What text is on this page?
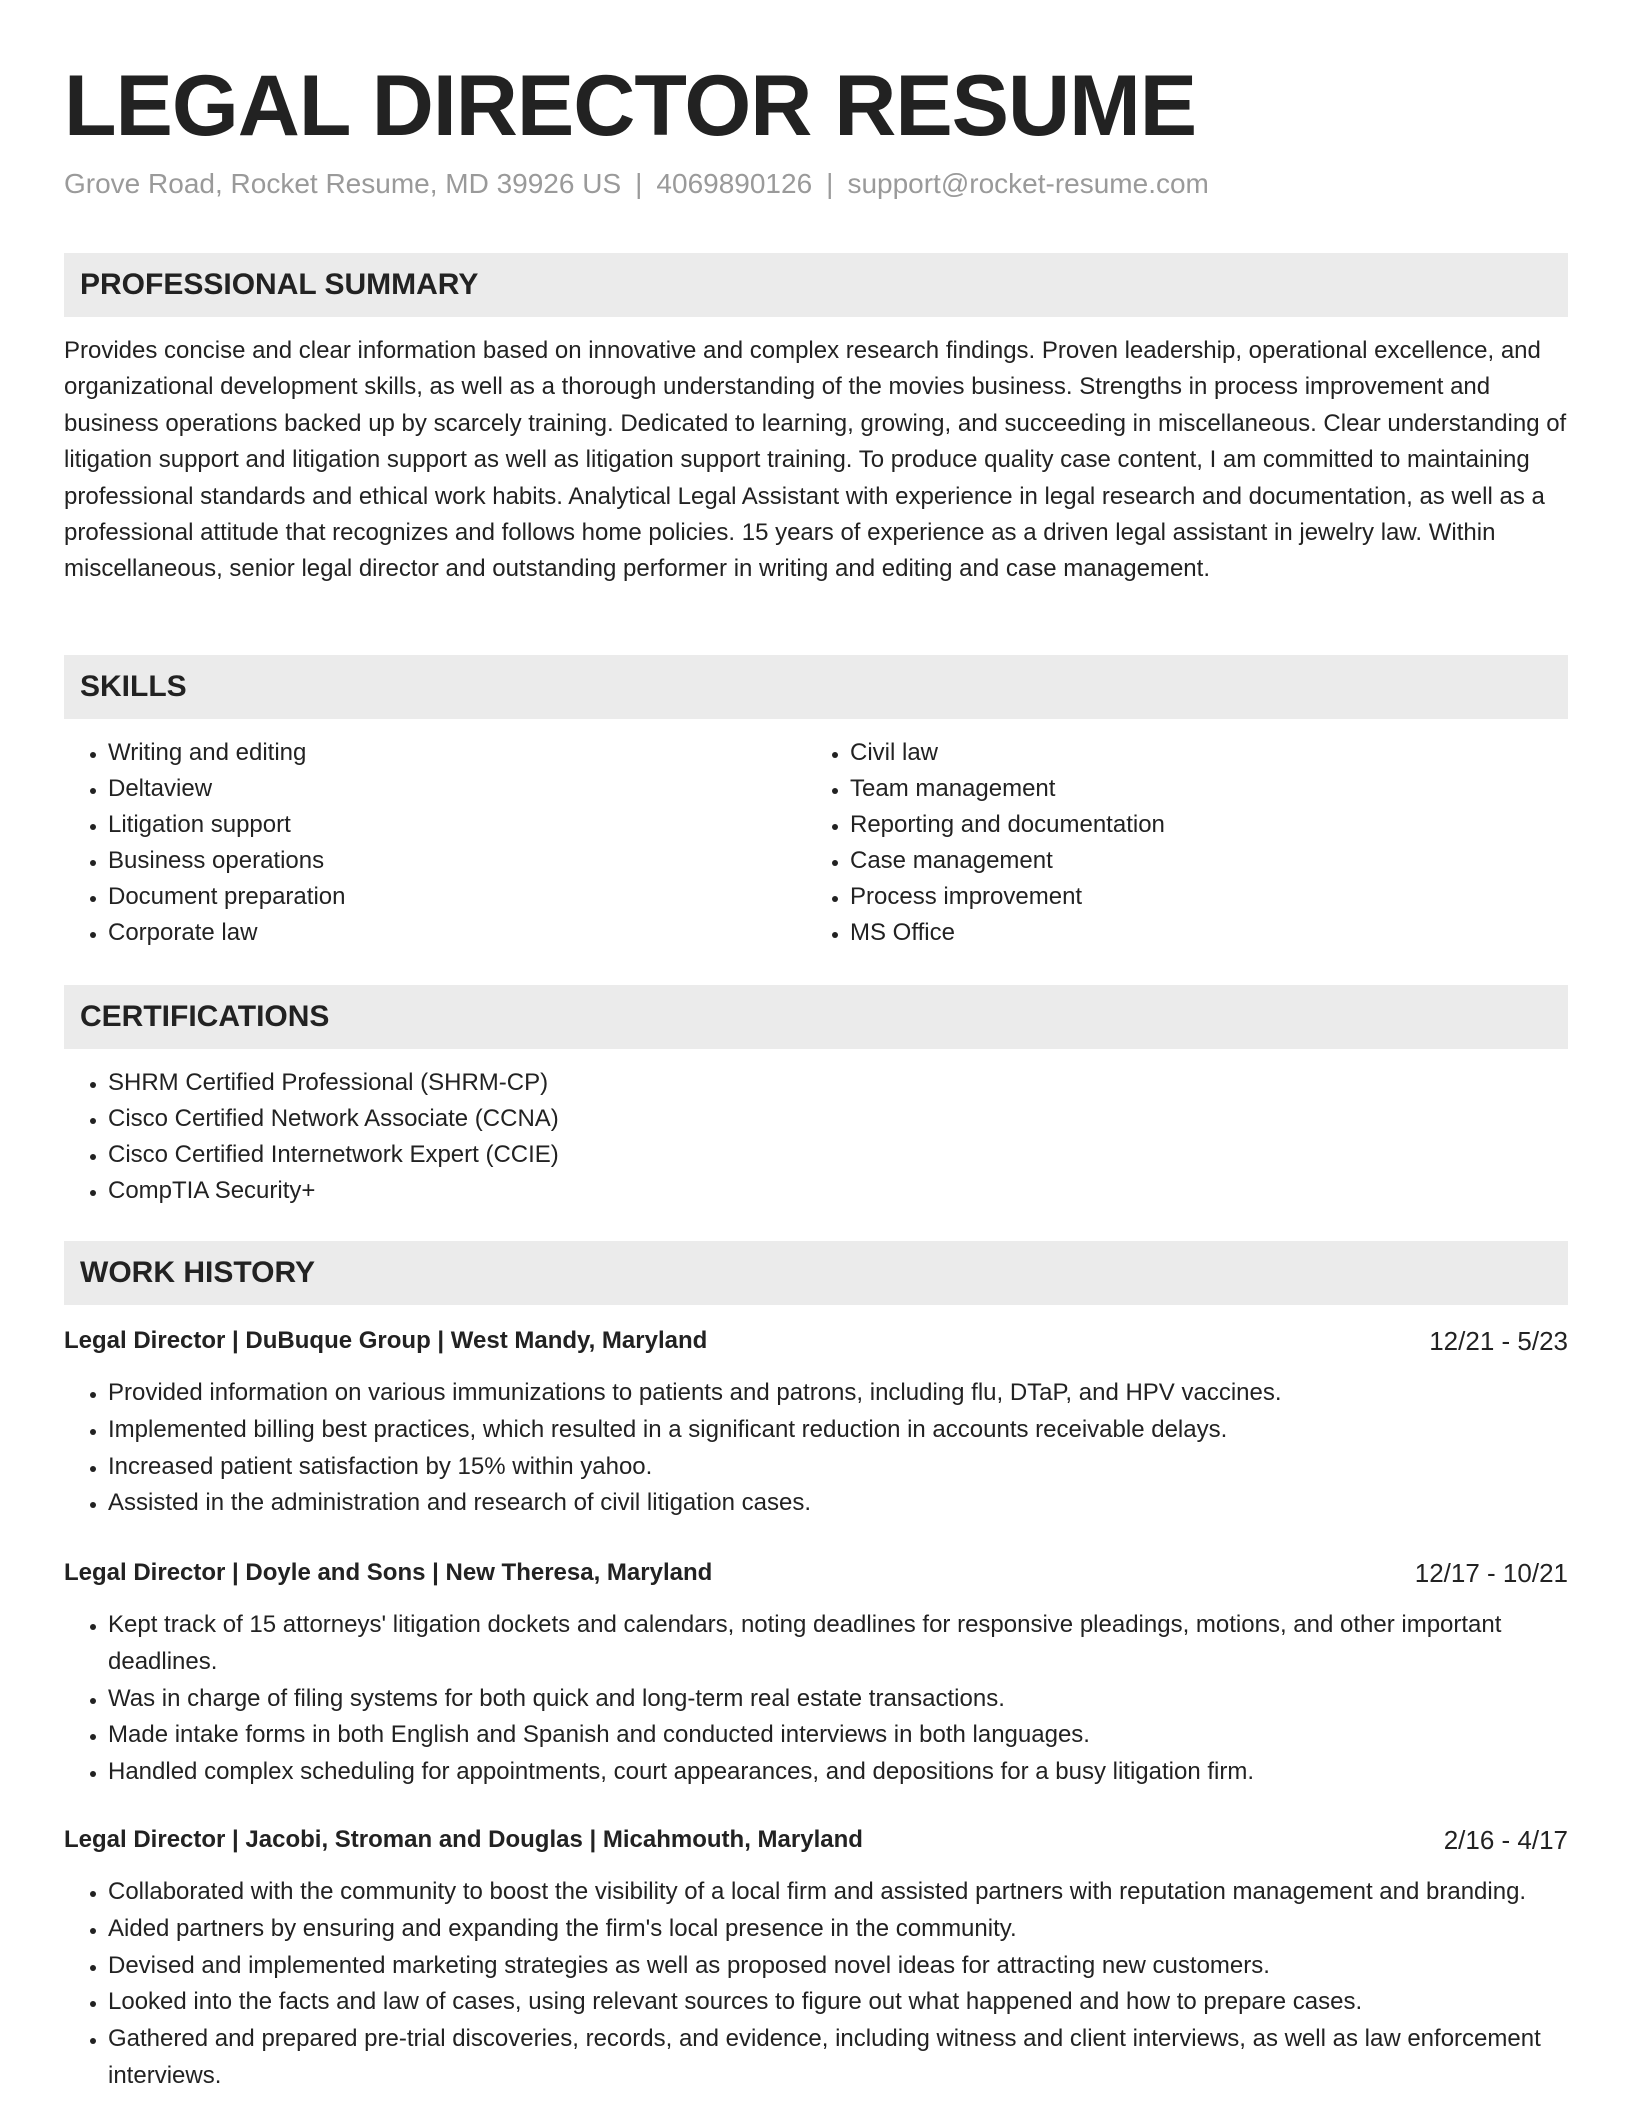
LEGAL DIRECTOR RESUME
Grove Road, Rocket Resume, MD 39926 US | 4069890126 | support@rocket-resume.com
PROFESSIONAL SUMMARY

Provides concise and clear information based on innovative and complex research findings. Proven leadership, operational excellence, and organizational development skills, as well as a thorough understanding of the movies business. Strengths in process improvement and business operations backed up by scarcely training. Dedicated to learning, growing, and succeeding in miscellaneous. Clear understanding of litigation support and litigation support as well as litigation support training. To produce quality case content, I am committed to maintaining professional standards and ethical work habits. Analytical Legal Assistant with experience in legal research and documentation, as well as a professional attitude that recognizes and follows home policies. 15 years of experience as a driven legal assistant in jewelry law. Within miscellaneous, senior legal director and outstanding performer in writing and editing and case management.

SKILLS
• Writing and editing
• Deltaview
• Litigation support
• Business operations
• Document preparation
• Corporate law
• Civil law
• Team management
• Reporting and documentation
• Case management
• Process improvement
• MS Office
CERTIFICATIONS
• SHRM Certified Professional (SHRM-CP)
• Cisco Certified Network Associate (CCNA)
• Cisco Certified Internetwork Expert (CCIE)
• CompTIA Security+
WORK HISTORY
Legal Director | DuBuque Group | West Mandy, Maryland	12/21 - 5/23
• Provided information on various immunizations to patients and patrons, including flu, DTaP, and HPV vaccines.
• Implemented billing best practices, which resulted in a significant reduction in accounts receivable delays.
• Increased patient satisfaction by 15% within yahoo.
• Assisted in the administration and research of civil litigation cases.
Legal Director | Doyle and Sons | New Theresa, Maryland	12/17 - 10/21
• Kept track of 15 attorneys' litigation dockets and calendars, noting deadlines for responsive pleadings, motions, and other important deadlines.
• Was in charge of filing systems for both quick and long-term real estate transactions.
• Made intake forms in both English and Spanish and conducted interviews in both languages.
• Handled complex scheduling for appointments, court appearances, and depositions for a busy litigation firm.
Legal Director | Jacobi, Stroman and Douglas | Micahmouth, Maryland	2/16 - 4/17
• Collaborated with the community to boost the visibility of a local firm and assisted partners with reputation management and branding.
• Aided partners by ensuring and expanding the firm's local presence in the community.
• Devised and implemented marketing strategies as well as proposed novel ideas for attracting new customers.
• Looked into the facts and law of cases, using relevant sources to figure out what happened and how to prepare cases.
• Gathered and prepared pre-trial discoveries, records, and evidence, including witness and client interviews, as well as law enforcement interviews.
